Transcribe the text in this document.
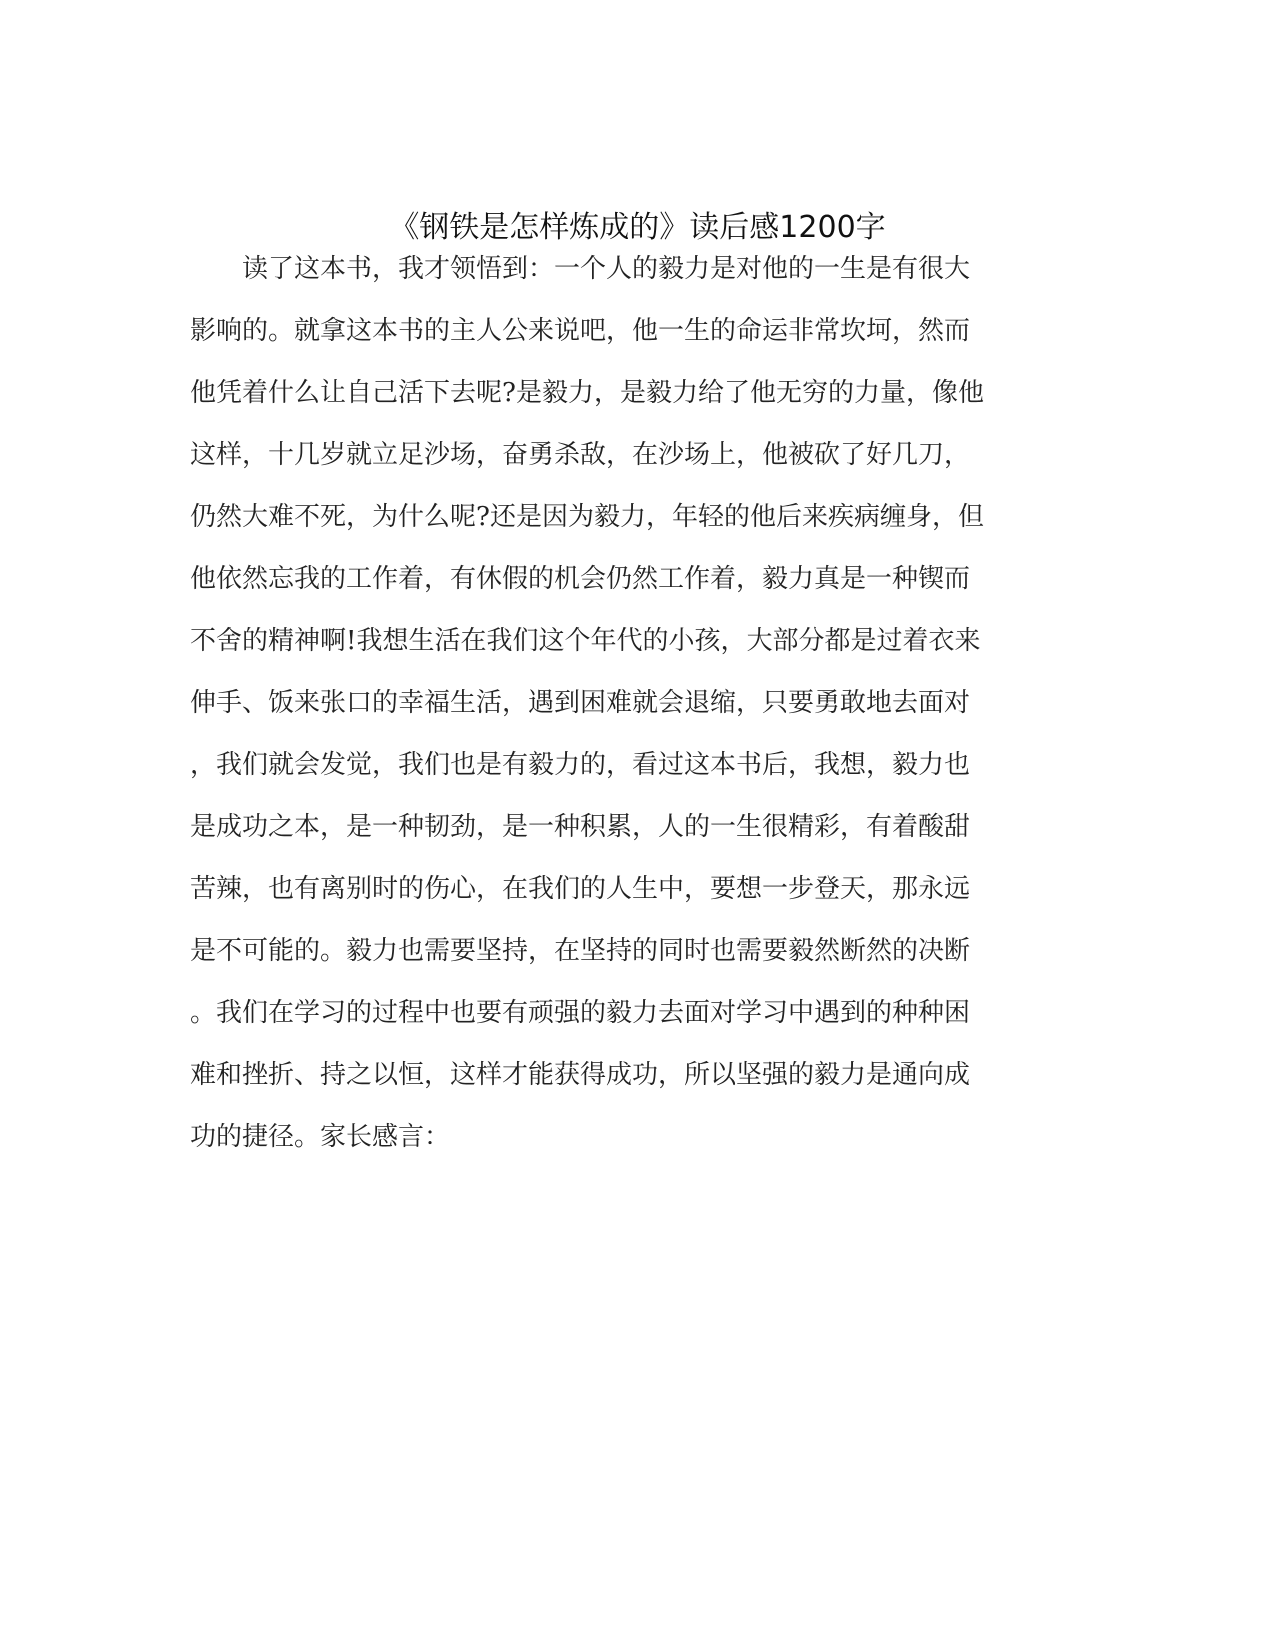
《钢铁是怎样炼成的》读后感1200字
　　读了这本书，我才领悟到：一个人的毅力是对他的一生是有很大
影响的。就拿这本书的主人公来说吧，他一生的命运非常坎坷，然而
他凭着什么让自己活下去呢?是毅力，是毅力给了他无穷的力量，像他
这样，十几岁就立足沙场，奋勇杀敌，在沙场上，他被砍了好几刀，
仍然大难不死，为什么呢?还是因为毅力，年轻的他后来疾病缠身，但
他依然忘我的工作着，有休假的机会仍然工作着，毅力真是一种锲而
不舍的精神啊!我想生活在我们这个年代的小孩，大部分都是过着衣来
伸手、饭来张口的幸福生活，遇到困难就会退缩，只要勇敢地去面对
，我们就会发觉，我们也是有毅力的，看过这本书后，我想，毅力也
是成功之本，是一种韧劲，是一种积累，人的一生很精彩，有着酸甜
苦辣，也有离别时的伤心，在我们的人生中，要想一步登天，那永远
是不可能的。毅力也需要坚持，在坚持的同时也需要毅然断然的决断
。我们在学习的过程中也要有顽强的毅力去面对学习中遇到的种种困
难和挫折、持之以恒，这样才能获得成功，所以坚强的毅力是通向成
功的捷径。家长感言：
